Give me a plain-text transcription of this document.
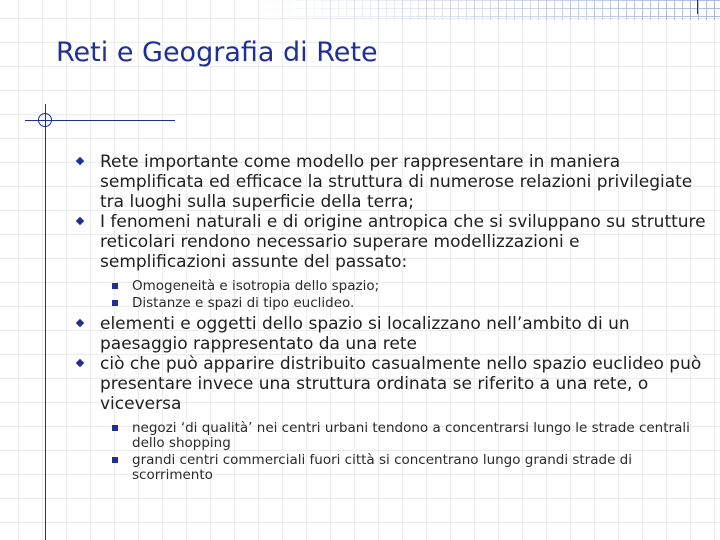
Reti e Geografia di Rete

Rete importante come modello per rappresentare in maniera semplificata ed efficace la struttura di numerose relazioni privilegiate tra luoghi sulla superficie della terra;

I fenomeni naturali e di origine antropica che si sviluppano su strutture reticolari rendono necessario superare modellizzazioni e semplificazioni assunte del passato:

Omogeneità e isotropia dello spazio;

Distanze e spazi di tipo euclideo.

elementi e oggetti dello spazio si localizzano nell’ambito di un paesaggio rappresentato da una rete

ciò che può apparire distribuito casualmente nello spazio euclideo può presentare invece una struttura ordinata se riferito a una rete, o viceversa

negozi ‘di qualità’ nei centri urbani tendono a concentrarsi lungo le strade centrali dello shopping

grandi centri commerciali fuori città si concentrano lungo grandi strade di scorrimento
